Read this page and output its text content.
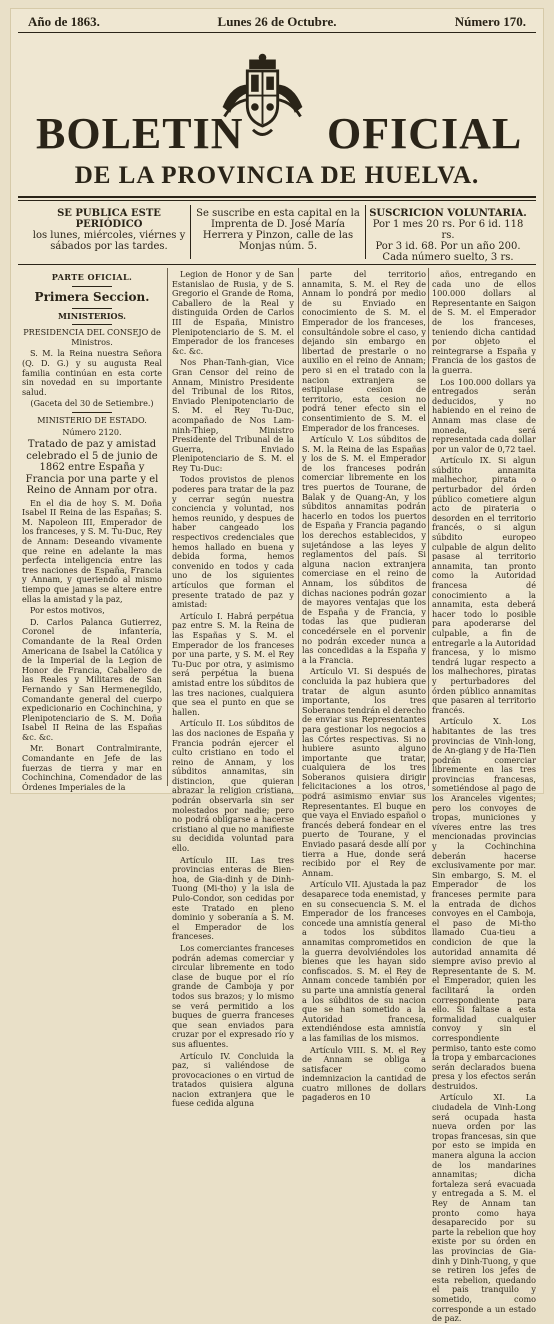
Año de 1863.	Lunes 26 de Octubre.	Número 170.
BOLETIN OFICIAL
DE LA PROVINCIA DE HUELVA.
SE PUBLICA ESTE PERIÓDICO
los lunes, miércoles, viérnes y sábados por las tardes.
Se suscribe en esta capital en la Imprenta de D. José María Herrera y Pinzon, calle de las Monjas núm. 5.
SUSCRICION VOLUNTARIA.
Por 1 mes 20 rs. Por 6 id. 118 rs.
Por 3 id. 68. Por un año 200.
Cada número suelto, 3 rs.

PARTE OFICIAL.

Primera Seccion.

MINISTERIOS.

PRESIDENCIA DEL CONSEJO de Ministros.

S. M. la Reina nuestra Señora (Q. D. G.) y su augusta Real familia continúan en esta corte sin novedad en su importante salud.

(Gaceta del 30 de Setiembre.)

MINISTERIO DE ESTADO.

Número 2120.

Tratado de paz y amistad celebrado el 5 de junio de 1862 entre España y Francia por una parte y el Reino de Annam por otra.

En el dia de hoy S. M. Doña Isabel II Reina de las Españas; S. M. Napoleon III, Emperador de los franceses, y S. M. Tu-Duc, Rey de Annam: Deseando vivamente que reine en adelante la mas perfecta inteligencia entre las tres naciones de España, Francia y Annam, y queriendo al mismo tiempo que jamas se altere entre ellas la amistad y la paz,

Por estos motivos,

D. Carlos Palanca Gutierrez, Coronel de infantería, Comandante de la Real Orden Americana de Isabel la Católica y de la Imperial de la Legion de Honor de Francia, Caballero de las Reales y Militares de San Fernando y San Hermenegildo, Comandante general del cuerpo expedicionario en Cochinchina, y Plenipotenciario de S. M. Doña Isabel II Reina de las Españas &c. &c.

Mr. Bonart Contralmirante, Comandante en Jefe de las fuerzas de tierra y mar en Cochinchina, Comendador de las Órdenes Imperiales de la

Legion de Honor y de San Estanislao de Rusia, y de S. Gregorio el Grande de Roma, Caballero de la Real y distinguida Orden de Carlos III de España, Ministro Plenipotenciario de S. M. el Emperador de los franceses &c. &c.

Nos Phan-Tanh-gian, Vice Gran Censor del reino de Annam, Ministro Presidente del Tribunal de los Ritos, Enviado Plenipotenciario de S. M. el Rey Tu-Duc, acompañado de Nos Lam-ninh-Thiep, Ministro Presidente del Tribunal de la Guerra, Enviado Plenipotenciario de S. M. el Rey Tu-Duc:

Todos provistos de plenos poderes para tratar de la paz y cerrar según nuestra conciencia y voluntad, nos hemos reunido, y despues de haber cangeado los respectivos credenciales que hemos hallado en buena y debida forma, hemos convenido en todos y cada uno de los siguientes artículos que forman el presente tratado de paz y amistad:

Artículo I. Habrá perpétua paz entre S. M. la Reina de las Españas y S. M. el Emperador de los franceses por una parte, y S. M. el Rey Tu-Duc por otra, y asimismo será perpétua la buena amistad entre los súbditos de las tres naciones, cualquiera que sea el punto en que se hallen.

Artículo II. Los súbditos de las dos naciones de España y Francia podrán ejercer el culto cristiano en todo el reino de Annam, y los súbditos annamitas, sin distincion, que quieran abrazar la religion cristiana, podrán observarla sin ser molestados por nadie; pero no podrá obligarse a hacerse cristiano al que no manifieste su decidida voluntad para ello.

Artículo III. Las tres provincias enteras de Bien-hoa, de Gia-dinh y de Dinh-Tuong (Mi-tho) y la isla de Pulo-Condor, son cedidas por este Tratado en pleno dominio y soberanía a S. M. el Emperador de los franceses.

Los comerciantes franceses podrán ademas comerciar y circular libremente en todo clase de buque por el río grande de Camboja y por todos sus brazos; y lo mismo se verá permitido a los buques de guerra franceses que sean enviados para cruzar por el expresado río y sus afluentes.

Artículo IV. Concluida la paz, si valiéndose de provocaciones o en virtud de tratados quisiera alguna nacion extranjera que le fuese cedida alguna

parte del territorio annamita, S. M. el Rey de Annam lo pondrá por medio de su Enviado en conocimiento de S. M. el Emperador de los franceses, consultándole sobre el caso, y dejando sin embargo en libertad de prestarle o no auxilio en el reino de Annam; pero si en el tratado con la nacion extranjera se estipulase cesion de territorio, esta cesion no podrá tener efecto sin el consentimiento de S. M. el Emperador de los franceses.

Artículo V. Los súbditos de S. M. la Reina de las Españas y los de S. M. el Emperador de los franceses podrán comerciar libremente en los tres puertos de Tourane, de Balak y de Quang-An, y los súbditos annamitas podrán hacerlo en todos los puertos de España y Francia pagando los derechos establecidos, y sujetándose a las leyes y reglamentos del país. Si alguna nacion extranjera comerciase en el reino de Annam, los súbditos de dichas naciones podrán gozar de mayores ventajas que los de España y de Francia, y todas las que pudieran concedérsele en el porvenir no podrán exceder nunca a las concedidas a la España y a la Francia.

Artículo VI. Si después de concluida la paz hubiera que tratar de algun asunto importante, los tres Soberanos tendrán el derecho de enviar sus Representantes para gestionar los negocios a las Córtes respectivas. Si no hubiere asunto alguno importante que tratar, cualquiera de los tres Soberanos quisiera dirigir felicitaciones a los otros, podrá asimismo enviar sus Representantes. El buque en que vaya el Enviado español o francés deberá fondear en el puerto de Tourane, y el Enviado pasará desde allí por tierra a Hue, donde será recibido por el Rey de Annam.

Artículo VII. Ajustada la paz desaparece toda enemistad, y en su consecuencia S. M. el Emperador de los franceses concede una amnistía general a todos los súbditos annamitas comprometidos en la guerra devolviéndoles los bienes que les hayan sido confiscados. S. M. el Rey de Annam concede también por su parte una amnistía general a los súbditos de su nacion que se han sometido a la Autoridad francesa, extendiéndose esta amnistía a las familias de los mismos.

Artículo VIII. S. M. el Rey de Annam se obliga a satisfacer como indemnizacion la cantidad de cuatro millones de dollars pagaderos en 10

años, entregando en cada uno de ellos 100.000 dollars al Representante en Saigon de S. M. el Emperador de los franceses, teniendo dicha cantidad por objeto el reintegrarse a España y Francia de los gastos de la guerra.

Los 100.000 dollars ya entregados serán deducidos, y no habiendo en el reino de Annam mas clase de moneda, será representada cada dollar por un valor de 0,72 tael.

Artículo IX. Si algun súbdito annamita malhechor, pirata o perturbador del órden público cometiere algun acto de pirateria o desorden en el territorio francés, o si algun súbdito europeo culpable de algun delito pasase al territorio annamita, tan pronto como la Autoridad francesa dé conocimiento a la annamita, esta deberá hacer todo lo posible para apoderarse del culpable, a fin de entregarle a la Autoridad francesa, y lo mismo tendrá lugar respecto a los malhechores, piratas y perturbadores del órden público annamitas que pasaren al territorio francés.

Artículo X. Los habitantes de las tres provincias de Vinh-long, de An-giang y de Ha-Tien podrán comerciar libremente en las tres provincias francesas, sometiéndose al pago de los Aranceles vigentes; pero los convoyes de tropas, municiones y víveres entre las tres mencionadas provincias y la Cochinchina deberán hacerse exclusivamente por mar. Sin embargo, S. M. el Emperador de los franceses permite para la entrada de dichos convoyes en el Camboja, el paso de Mi-tho llamado Cua-tieu a condicion de que la autoridad annamita dé siempre aviso previo al Representante de S. M. el Emperador, quien les facilitará la orden correspondiente para ello. Si faltase a esta formalidad cualquier convoy y sin el correspondiente permiso, tanto este como la tropa y embarcaciones serán declarados buena presa y los efectos serán destruidos.

Artículo XI. La ciudadela de Vinh-Long será ocupada hasta nueva orden por las tropas francesas, sin que por esto se impida en manera alguna la accion de los mandarines annamitas; dicha fortaleza será evacuada y entregada a S. M. el Rey de Annam tan pronto como haya desaparecido por su parte la rebelion que hoy existe por su órden en las provincias de Gia-dinh y Dinh-Tuong, y que se retiren los jefes de esta rebelion, quedando el país tranquilo y sometido, como corresponde a un estado de paz.
